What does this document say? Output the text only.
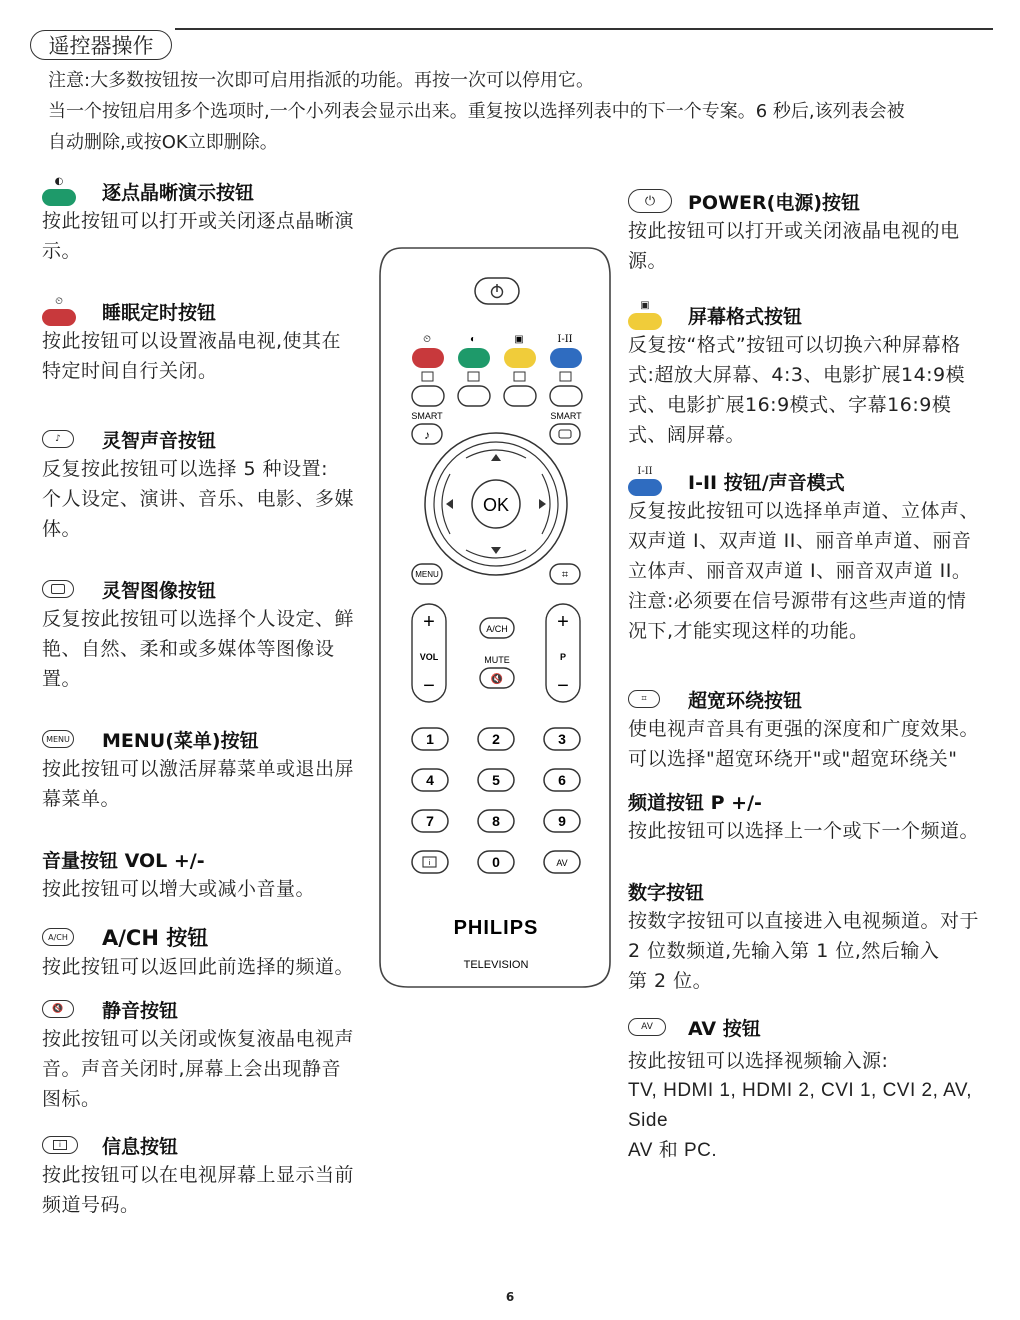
遥控器操作
注意:大多数按钮按一次即可启用指派的功能。再按一次可以停用它。
当一个按钮启用多个选项时,一个小列表会显示出来。重复按以选择列表中的下一个专案。6 秒后,该列表会被
自动删除,或按OK立即删除。
◐
逐点晶晰演示按钮
按此按钮可以打开或关闭逐点晶晰演
示。
⏲
睡眠定时按钮
按此按钮可以设置液晶电视,使其在
特定时间自行关闭。
♪	灵智声音按钮
反复按此按钮可以选择 5 种设置:
个人设定、演讲、音乐、电影、多媒
体。
灵智图像按钮
反复按此按钮可以选择个人设定、鲜
艳、自然、柔和或多媒体等图像设
置。
MENU MENU(菜单)按钮
按此按钮可以激活屏幕菜单或退出屏
幕菜单。
音量按钮 VOL +/-
按此按钮可以增大或减小音量。
A/CH A/CH 按钮
按此按钮可以返回此前选择的频道。
🔇	静音按钮
按此按钮可以关闭或恢复液晶电视声
音。声音关闭时,屏幕上会出现静音
图标。
i	信息按钮
按此按钮可以在电视屏幕上显示当前
频道号码。
⏻	POWER(电源)按钮
按此按钮可以打开或关闭液晶电视的电
源。
▣
屏幕格式按钮
反复按“格式”按钮可以切换六种屏幕格
式:超放大屏幕、4:3、电影扩展14:9模
式、电影扩展16:9模式、字幕16:9模
式、阔屏幕。
I-II
I-II 按钮/声音模式
反复按此按钮可以选择单声道、立体声、
双声道 I、双声道 II、丽音单声道、丽音
立体声、丽音双声道 I、丽音双声道 II。
注意:必须要在信号源带有这些声道的情
况下,才能实现这样的功能。
⌗	超宽环绕按钮
使电视声音具有更强的深度和广度效果。
可以选择"超宽环绕开"或"超宽环绕关"
频道按钮 P +/-
按此按钮可以选择上一个或下一个频道。
数字按钮
按数字按钮可以直接进入电视频道。对于
2 位数频道,先输入第 1 位,然后输入
第 2 位。
AV	AV 按钮
按此按钮可以选择视频输入源:
TV, HDMI 1, HDMI 2, CVI 1, CVI 2, AV, Side
AV 和 PC.
⏲	◐	▣	I-II
SMART	SMART
♪
OK
MENU	⌗
+
VOL
−
A/CH
MUTE
🔇
+
P
−
1	2	3
4	5	6
7	8	9
i	0	AV
PHILIPS
TELEVISION
6
